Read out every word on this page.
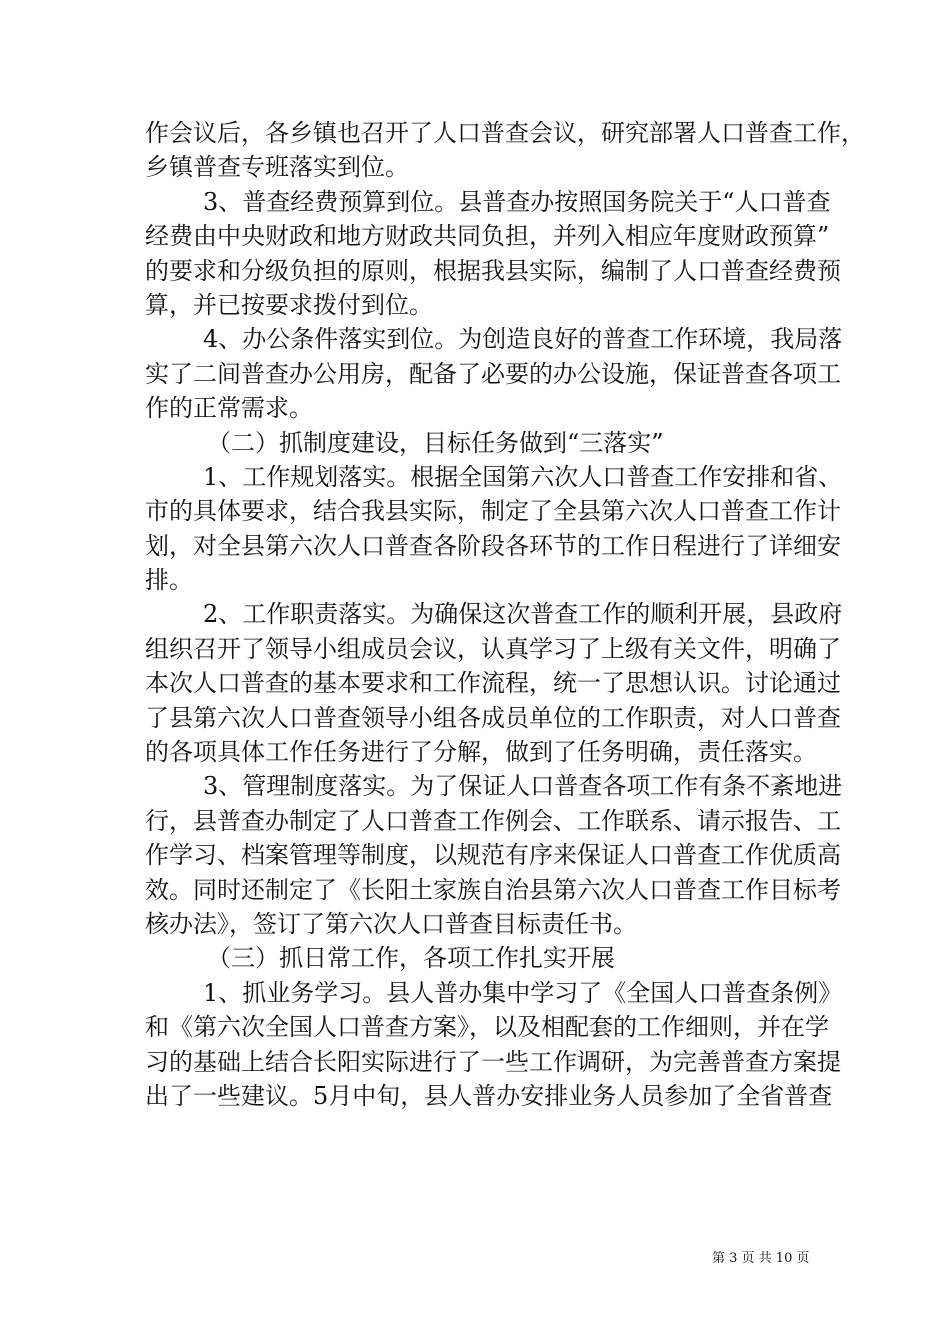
作会议后，各乡镇也召开了人口普查会议，研究部署人口普查工作，
乡镇普查专班落实到位。
3、普查经费预算到位。县普查办按照国务院关于“人口普查
经费由中央财政和地方财政共同负担，并列入相应年度财政预算”
的要求和分级负担的原则，根据我县实际，编制了人口普查经费预
算，并已按要求拨付到位。
4、办公条件落实到位。为创造良好的普查工作环境，我局落
实了二间普查办公用房，配备了必要的办公设施，保证普查各项工
作的正常需求。
（二）抓制度建设，目标任务做到“三落实”
1、工作规划落实。根据全国第六次人口普查工作安排和省、
市的具体要求，结合我县实际，制定了全县第六次人口普查工作计
划，对全县第六次人口普查各阶段各环节的工作日程进行了详细安
排。
2、工作职责落实。为确保这次普查工作的顺利开展，县政府
组织召开了领导小组成员会议，认真学习了上级有关文件，明确了
本次人口普查的基本要求和工作流程，统一了思想认识。讨论通过
了县第六次人口普查领导小组各成员单位的工作职责，对人口普查
的各项具体工作任务进行了分解，做到了任务明确，责任落实。
3、管理制度落实。为了保证人口普查各项工作有条不紊地进
行，县普查办制定了人口普查工作例会、工作联系、请示报告、工
作学习、档案管理等制度，以规范有序来保证人口普查工作优质高
效。同时还制定了《长阳土家族自治县第六次人口普查工作目标考
核办法》，签订了第六次人口普查目标责任书。
（三）抓日常工作，各项工作扎实开展
1、抓业务学习。县人普办集中学习了《全国人口普查条例》
和《第六次全国人口普查方案》，以及相配套的工作细则，并在学
习的基础上结合长阳实际进行了一些工作调研，为完善普查方案提
出了一些建议。5月中旬，县人普办安排业务人员参加了全省普查
第 3 页 共 10 页
